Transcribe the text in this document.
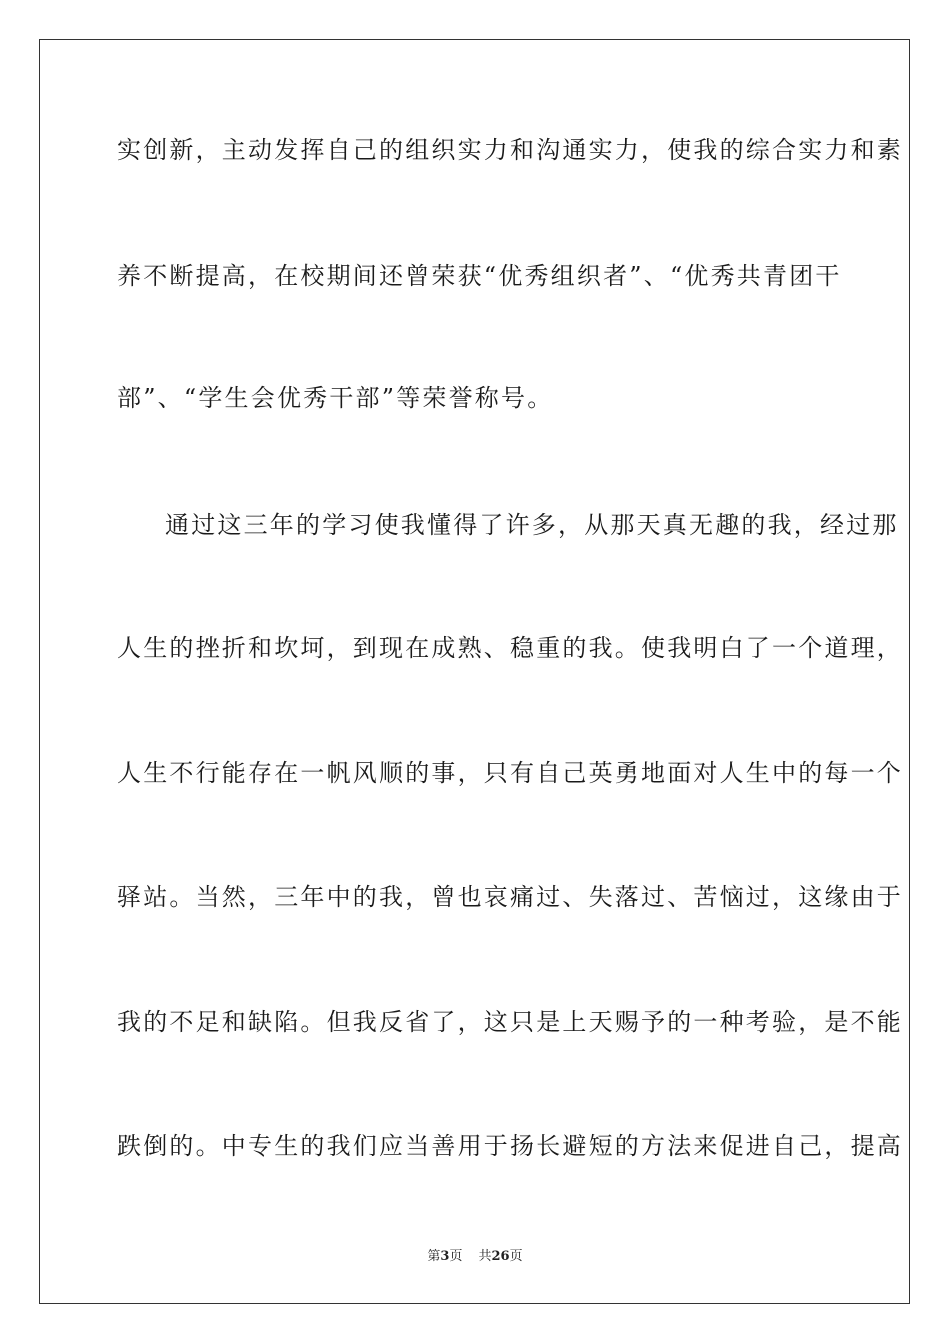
实创新，主动发挥自己的组织实力和沟通实力，使我的综合实力和素
养不断提高，在校期间还曾荣获“优秀组织者”、“优秀共青团干
部”、“学生会优秀干部”等荣誉称号。
通过这三年的学习使我懂得了许多，从那天真无趣的我，经过那
人生的挫折和坎坷，到现在成熟、稳重的我。使我明白了一个道理，
人生不行能存在一帆风顺的事，只有自己英勇地面对人生中的每一个
驿站。当然，三年中的我，曾也哀痛过、失落过、苦恼过，这缘由于
我的不足和缺陷。但我反省了，这只是上天赐予的一种考验，是不能
跌倒的。中专生的我们应当善用于扬长避短的方法来促进自己，提高
第3页 共26页
